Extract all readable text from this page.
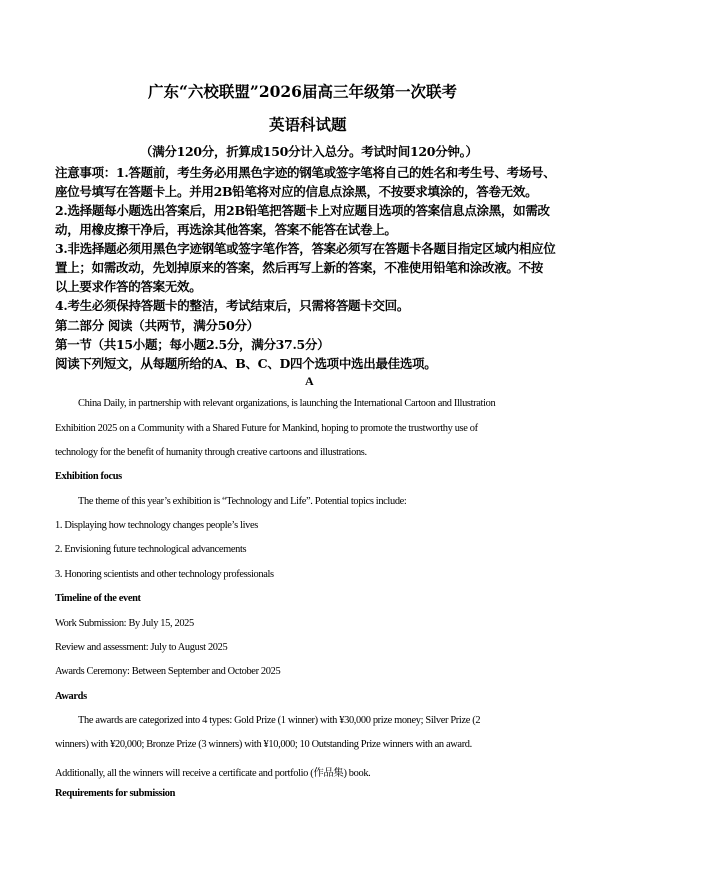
广东“六校联盟”2026届高三年级第一次联考
英语科试题
（满分120分，折算成150分计入总分。考试时间120分钟。）
注意事项：1.答题前，考生务必用黑色字迹的钢笔或签字笔将自己的姓名和考生号、考场号、
座位号填写在答题卡上。并用2B铅笔将对应的信息点涂黑，不按要求填涂的，答卷无效。
2.选择题每小题选出答案后，用2B铅笔把答题卡上对应题目选项的答案信息点涂黑，如需改
动，用橡皮擦干净后，再选涂其他答案，答案不能答在试卷上。
3.非选择题必须用黑色字迹钢笔或签字笔作答，答案必须写在答题卡各题目指定区域内相应位
置上；如需改动，先划掉原来的答案，然后再写上新的答案，不准使用铅笔和涂改液。不按
以上要求作答的答案无效。
4.考生必须保持答题卡的整洁，考试结束后，只需将答题卡交回。
第二部分 阅读（共两节，满分50分）
第一节（共15小题；每小题2.5分，满分37.5分）
阅读下列短文，从每题所给的A、B、C、D四个选项中选出最佳选项。
A
China Daily, in partnership with relevant organizations, is launching the International Cartoon and Illustration
Exhibition 2025 on a Community with a Shared Future for Mankind, hoping to promote the trustworthy use of
technology for the benefit of humanity through creative cartoons and illustrations.
Exhibition focus
The theme of this year’s exhibition is “Technology and Life”. Potential topics include:
1. Displaying how technology changes people’s lives
2. Envisioning future technological advancements
3. Honoring scientists and other technology professionals
Timeline of the event
Work Submission: By July 15, 2025
Review and assessment: July to August 2025
Awards Ceremony: Between September and October 2025
Awards
The awards are categorized into 4 types: Gold Prize (1 winner) with ¥30,000 prize money; Silver Prize (2
winners) with ¥20,000; Bronze Prize (3 winners) with ¥10,000; 10 Outstanding Prize winners with an award.
Additionally, all the winners will receive a certificate and portfolio (作品集) book.
Requirements for submission
